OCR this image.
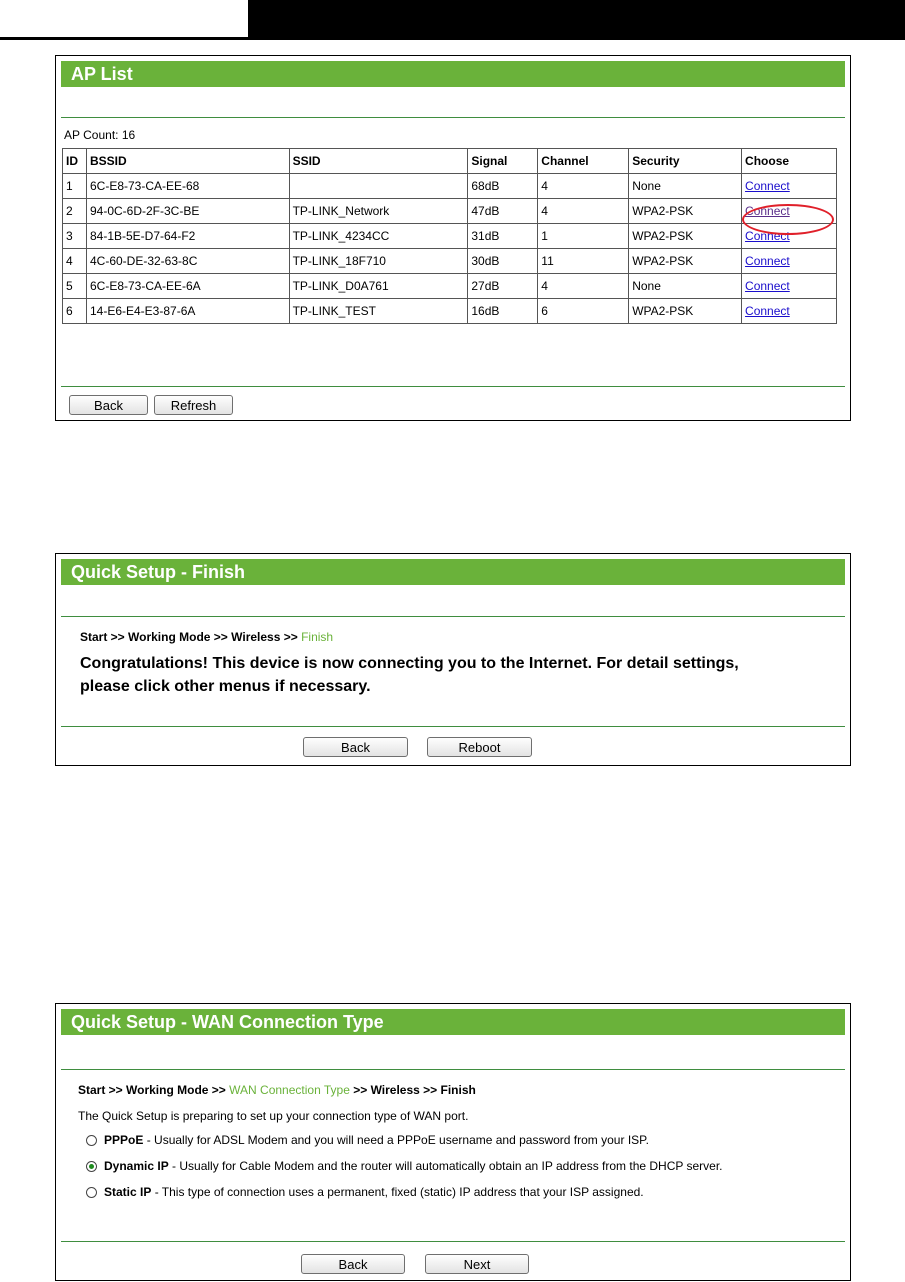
AP List
AP Count: 16
ID	BSSID	SSID	Signal	Channel	Security	Choose
1	6C-E8-73-CA-EE-68		68dB	4	None	Connect
2	94-0C-6D-2F-3C-BE	TP-LINK_Network	47dB	4	WPA2-PSK	Connect
3	84-1B-5E-D7-64-F2	TP-LINK_4234CC	31dB	1	WPA2-PSK	Connect
4	4C-60-DE-32-63-8C	TP-LINK_18F710	30dB	11	WPA2-PSK	Connect
5	6C-E8-73-CA-EE-6A	TP-LINK_D0A761	27dB	4	None	Connect
6	14-E6-E4-E3-87-6A	TP-LINK_TEST	16dB	6	WPA2-PSK	Connect
Back	Refresh
Quick Setup - Finish
Start >> Working Mode >> Wireless >> Finish
Congratulations! This device is now connecting you to the Internet. For detail settings,
please click other menus if necessary.
Back	Reboot
Quick Setup - WAN Connection Type
Start >> Working Mode >> WAN Connection Type >> Wireless >> Finish
The Quick Setup is preparing to set up your connection type of WAN port.
PPPoE - Usually for ADSL Modem and you will need a PPPoE username and password from your ISP.
Dynamic IP - Usually for Cable Modem and the router will automatically obtain an IP address from the DHCP server.
Static IP - This type of connection uses a permanent, fixed (static) IP address that your ISP assigned.
Back	Next
